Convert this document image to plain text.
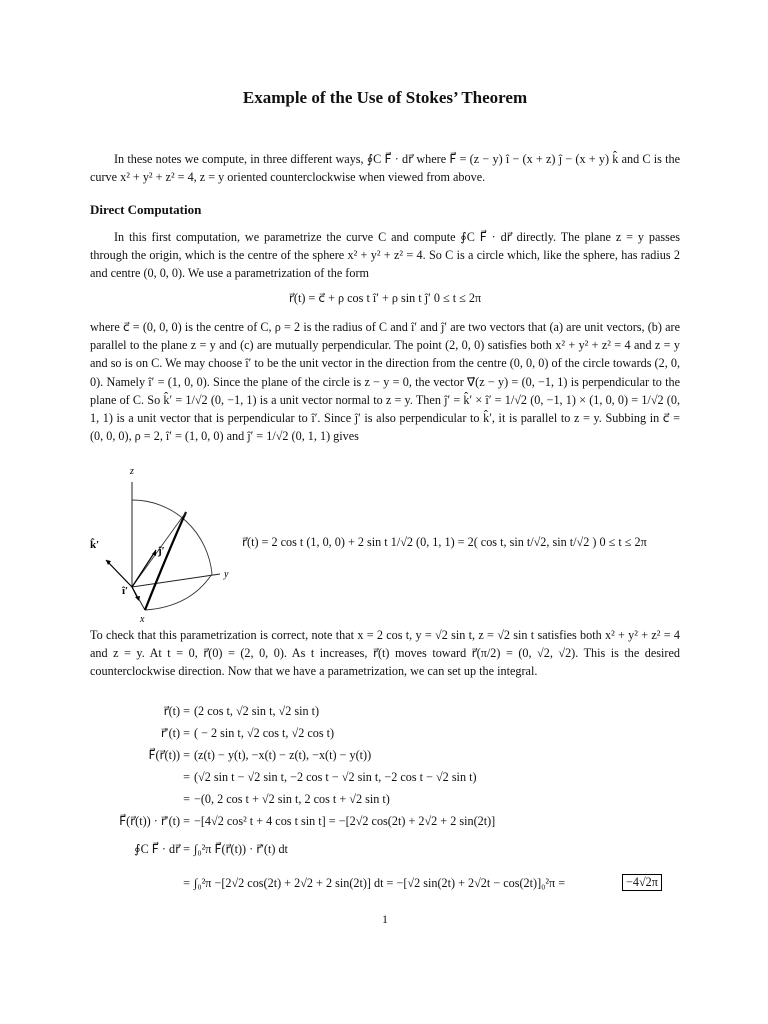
Example of the Use of Stokes’ Theorem
In these notes we compute, in three different ways, ∮C F⃗ · dr⃗ where F⃗ = (z − y) î − (x + z) ĵ − (x + y) k̂ and C is the curve x² + y² + z² = 4, z = y oriented counterclockwise when viewed from above.
Direct Computation
In this first computation, we parametrize the curve C and compute ∮C F⃗ · dr⃗ directly. The plane z = y passes through the origin, which is the centre of the sphere x² + y² + z² = 4. So C is a circle which, like the sphere, has radius 2 and centre (0, 0, 0). We use a parametrization of the form
r⃗(t) = c⃗ + ρ cos t î′ + ρ sin t ĵ′ 0 ≤ t ≤ 2π
where c⃗ = (0, 0, 0) is the centre of C, ρ = 2 is the radius of C and î′ and ĵ′ are two vectors that (a) are unit vectors, (b) are parallel to the plane z = y and (c) are mutually perpendicular. The point (2, 0, 0) satisfies both x² + y² + z² = 4 and z = y and so is on C. We may choose î′ to be the unit vector in the direction from the centre (0, 0, 0) of the circle towards (2, 0, 0). Namely î′ = (1, 0, 0). Since the plane of the circle is z − y = 0, the vector ∇⃗(z − y) = (0, −1, 1) is perpendicular to the plane of C. So k̂′ = 1/√2 (0, −1, 1) is a unit vector normal to z = y. Then ĵ′ = k̂′ × î′ = 1/√2 (0, −1, 1) × (1, 0, 0) = 1/√2 (0, 1, 1) is a unit vector that is perpendicular to î′. Since ĵ′ is also perpendicular to k̂′, it is parallel to z = y. Subbing in c⃗ = (0, 0, 0), ρ = 2, î′ = (1, 0, 0) and ĵ′ = 1/√2 (0, 1, 1) gives
z
y
x
k̂′	ĵ′
î′
r⃗(t) = 2 cos t (1, 0, 0) + 2 sin t 1/√2 (0, 1, 1) = 2( cos t, sin t/√2, sin t/√2 ) 0 ≤ t ≤ 2π
To check that this parametrization is correct, note that x = 2 cos t, y = √2 sin t, z = √2 sin t satisfies both x² + y² + z² = 4 and z = y. At t = 0, r⃗(0) = (2, 0, 0). As t increases, r⃗(t) moves toward r⃗(π/2) = (0, √2, √2). This is the desired counterclockwise direction. Now that we have a parametrization, we can set up the integral.
r⃗(t) = (2 cos t, √2 sin t, √2 sin t)
r⃗′(t) = ( − 2 sin t, √2 cos t, √2 cos t)
F⃗(r⃗(t)) = (z(t) − y(t), −x(t) − z(t), −x(t) − y(t))
= (√2 sin t − √2 sin t, −2 cos t − √2 sin t, −2 cos t − √2 sin t)
= −(0, 2 cos t + √2 sin t, 2 cos t + √2 sin t)
F⃗(r⃗(t)) · r⃗′(t) = −[4√2 cos² t + 4 cos t sin t] = −[2√2 cos(2t) + 2√2 + 2 sin(2t)]
∮C F⃗ · dr⃗ = ∫₀²π F⃗(r⃗(t)) · r⃗′(t) dt
= ∫₀²π −[2√2 cos(2t) + 2√2 + 2 sin(2t)] dt = −[√2 sin(2t) + 2√2t − cos(2t)]₀²π =	−4√2π
1
